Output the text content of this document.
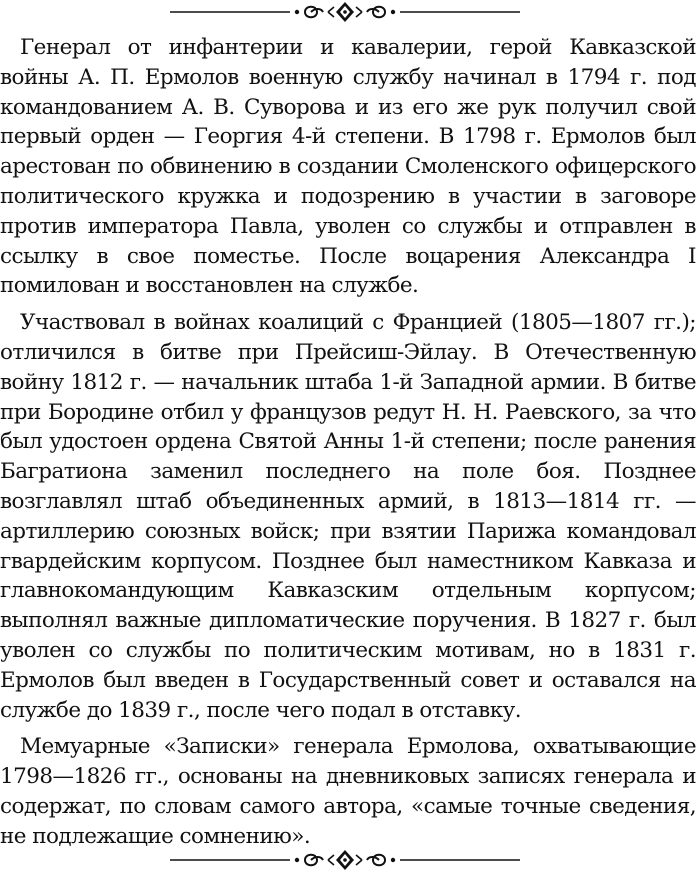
Генерал от инфантерии и кавалерии, герой Кавказской войны А. П. Ермолов военную службу начинал в 1794 г. под командованием А. В. Суворова и из его же рук получил свой первый орден — Георгия 4-й степени. В 1798 г. Ермолов был арестован по обвинению в создании Смоленского офицерского политического кружка и подозрению в участии в заговоре против императора Павла, уволен со службы и отправлен в ссылку в свое поместье. После воцарения Александра I помилован и восстановлен на службе.

Участвовал в войнах коалиций с Францией (1805—1807 гг.); отличился в битве при Прейсиш-Эйлау. В Отечественную войну 1812 г. — начальник штаба 1-й Западной армии. В битве при Бородине отбил у французов редут Н. Н. Раевского, за что был удостоен ордена Святой Анны 1-й степени; после ранения Багратиона заменил последнего на поле боя. Позднее возглавлял штаб объединенных армий, в 1813—1814 гг. — артиллерию союзных войск; при взятии Парижа командовал гвардейским корпусом. Позднее был наместником Кавказа и главнокомандующим Кавказским отдельным корпусом; выполнял важные дипломатические поручения. В 1827 г. был уволен со службы по политическим мотивам, но в 1831 г. Ермолов был введен в Государственный совет и оставался на службе до 1839 г., после чего подал в отставку.

Мемуарные «Записки» генерала Ермолова, охватывающие 1798—1826 гг., основаны на дневниковых записях генерала и содержат, по словам самого автора, «самые точные сведения, не подлежащие сомнению».
